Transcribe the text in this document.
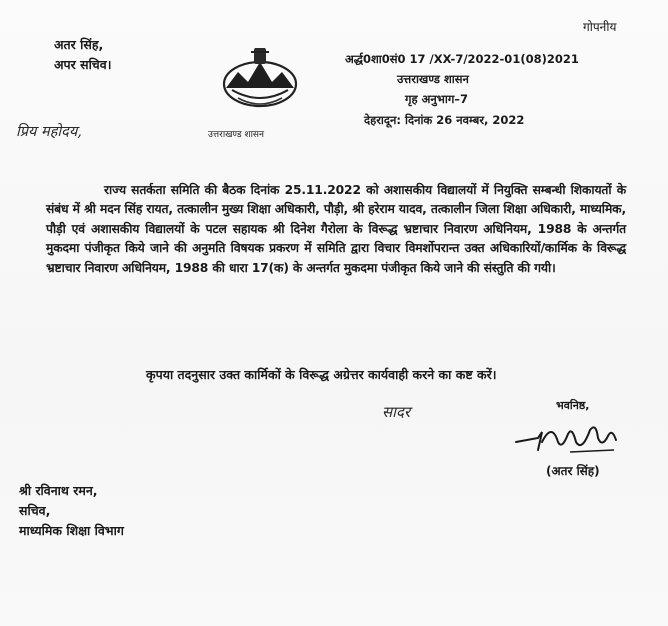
गोपनीय
अतर सिंह,
अपर सचिव।
उत्तराखण्ड शासन
अर्द्ध0शा0सं0 17 /XX-7/2022-01(08)2021
उत्तराखण्ड शासन
गृह अनुभाग–7
देहरादून: दिनांक 26 नवम्बर, 2022
प्रिय महोदय,
राज्य सतर्कता समिति की बैठक दिनांक 25.11.2022 को अशासकीय विद्यालयों में नियुक्ति सम्बन्धी शिकायतों के संबंध में श्री मदन सिंह रायत, तत्कालीन मुख्य शिक्षा अधिकारी, पौड़ी, श्री हरेराम यादव, तत्कालीन जिला शिक्षा अधिकारी, माध्यमिक, पौड़ी एवं अशासकीय विद्यालयों के पटल सहायक श्री दिनेश गैरोला के विरूद्ध भ्रष्टाचार निवारण अधिनियम, 1988 के अन्तर्गत मुकदमा पंजीकृत किये जाने की अनुमति विषयक प्रकरण में समिति द्वारा विचार विमर्शोपरान्त उक्त अधिकारियों/कार्मिक के विरूद्ध भ्रष्टाचार निवारण अधिनियम, 1988 की धारा 17(क) के अन्तर्गत मुकदमा पंजीकृत किये जाने की संस्तुति की गयी।
कृपया तदनुसार उक्त कार्मिकों के विरूद्ध अग्रेत्तर कार्यवाही करने का कष्ट करें।
सादर	भवनिष्ठ,
(अतर सिंह)
श्री रविनाथ रमन,
सचिव,
माध्यमिक शिक्षा विभाग
